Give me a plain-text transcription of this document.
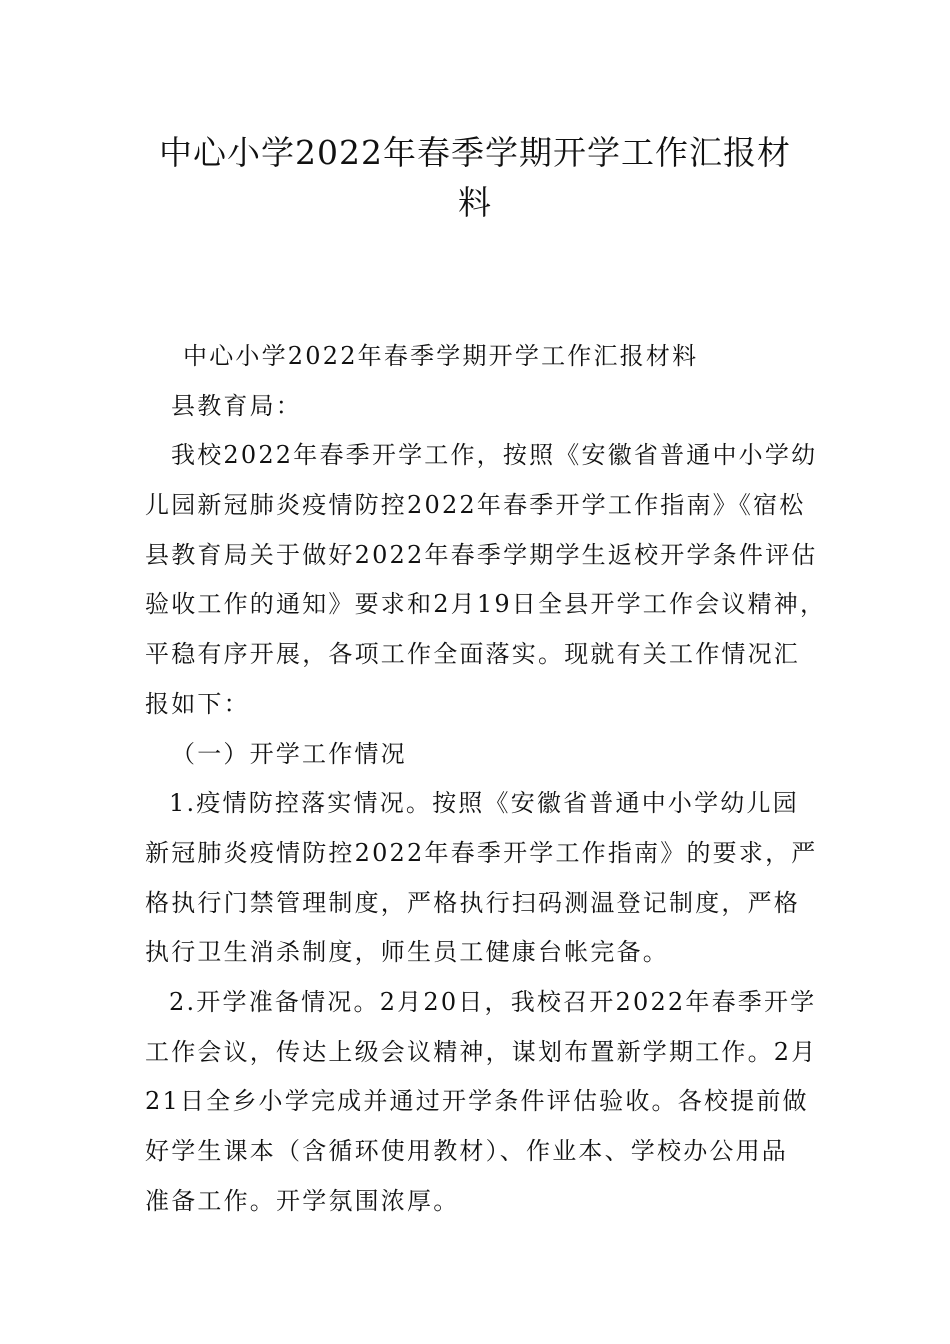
中心小学2022年春季学期开学工作汇报材
料
中心小学2022年春季学期开学工作汇报材料
县教育局：
我校2022年春季开学工作，按照《安徽省普通中小学幼
儿园新冠肺炎疫情防控2022年春季开学工作指南》《宿松
县教育局关于做好2022年春季学期学生返校开学条件评估
验收工作的通知》要求和2月19日全县开学工作会议精神，
平稳有序开展，各项工作全面落实。现就有关工作情况汇
报如下：
（一）开学工作情况
1.疫情防控落实情况。按照《安徽省普通中小学幼儿园
新冠肺炎疫情防控2022年春季开学工作指南》的要求，严
格执行门禁管理制度，严格执行扫码测温登记制度，严格
执行卫生消杀制度，师生员工健康台帐完备。
2.开学准备情况。2月20日，我校召开2022年春季开学
工作会议，传达上级会议精神，谋划布置新学期工作。2月
21日全乡小学完成并通过开学条件评估验收。各校提前做
好学生课本（含循环使用教材）、作业本、学校办公用品
准备工作。开学氛围浓厚。
